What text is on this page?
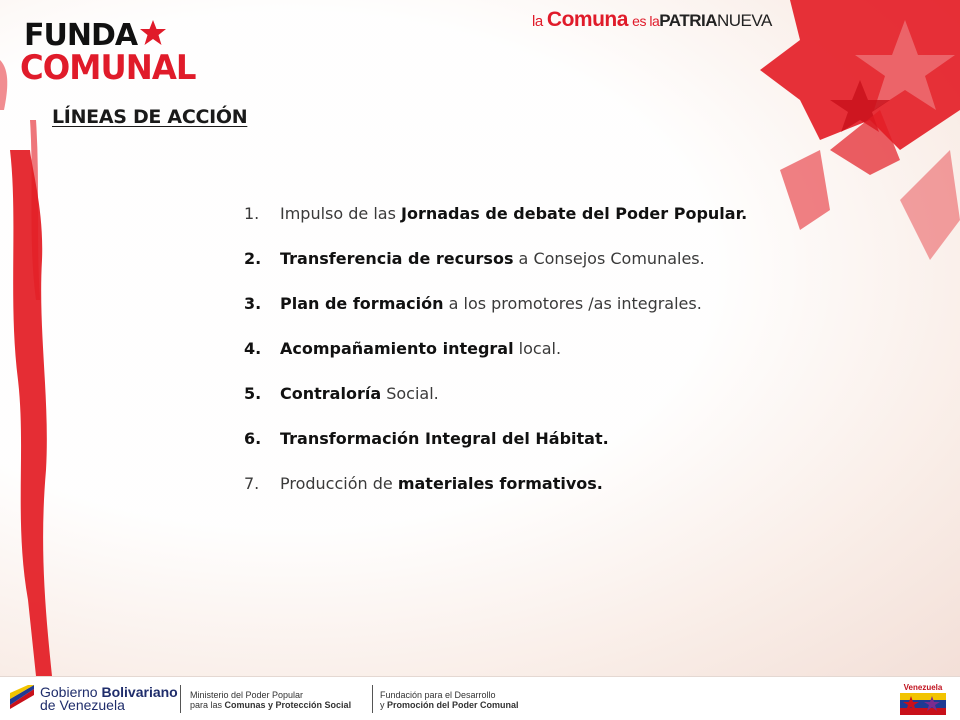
FUNDA
COMUNAL
la Comuna es laPATRIANUEVA
LÍNEAS DE ACCIÓN
1. Impulso de las Jornadas de debate del Poder Popular.
2. Transferencia de recursos a Consejos Comunales.
3. Plan de formación a los promotores /as integrales.
4. Acompañamiento integral local.
5. Contraloría Social.
6. Transformación Integral del Hábitat.
7. Producción de materiales formativos.
Gobierno Bolivariano
de Venezuela
Ministerio del Poder Popular
para las Comunas y Protección Social
Fundación para el Desarrollo
y Promoción del Poder Comunal
Venezuela
